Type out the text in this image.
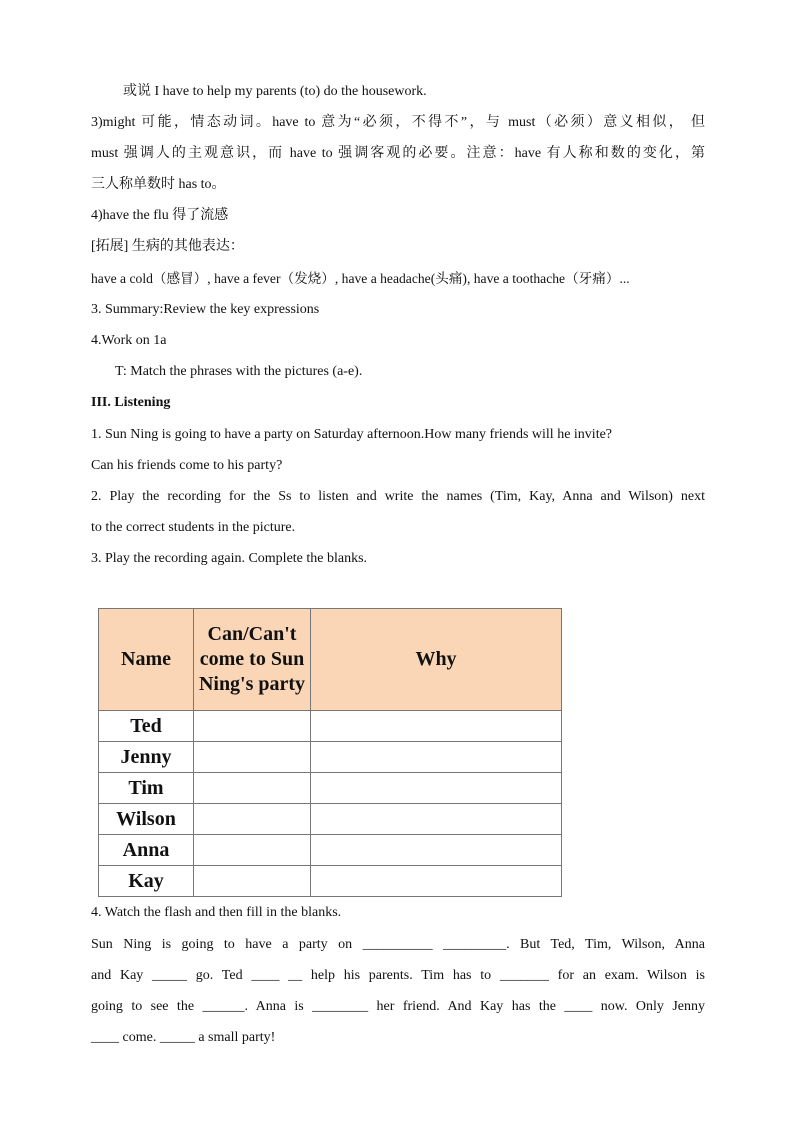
或说 I have to help my parents (to) do the housework.
3)might 可能，情态动词。have to 意为“必须，不得不”，与 must（必须）意义相似， 但
must 强调人的主观意识，而 have to 强调客观的必要。注意：have 有人称和数的变化，第
三人称单数时 has to。
4)have the flu 得了流感
[拓展] 生病的其他表达：
have a cold（感冒）, have a fever（发烧）, have a headache(头痛), have a toothache（牙痛）...
3. Summary:Review the key expressions
4.Work on 1a
T: Match the phrases with the pictures (a-e).
III. Listening
1. Sun Ning is going to have a party on Saturday afternoon.How many friends will he invite?
Can his friends come to his party?
2. Play the recording for the Ss to listen and write the names (Tim, Kay, Anna and Wilson) next
to the correct students in the picture.
3. Play the recording again. Complete the blanks.
Name	Can/Can't come to Sun Ning's party	Why
Ted		
Jenny		
Tim		
Wilson		
Anna		
Kay		
4. Watch the flash and then fill in the blanks.
Sun Ning is going to have a party on __________ _________. But Ted, Tim, Wilson, Anna
and Kay _____ go. Ted ____ __ help his parents. Tim has to _______ for an exam. Wilson is
going to see the ______. Anna is ________ her friend. And Kay has the ____ now. Only Jenny
____ come. _____ a small party!
